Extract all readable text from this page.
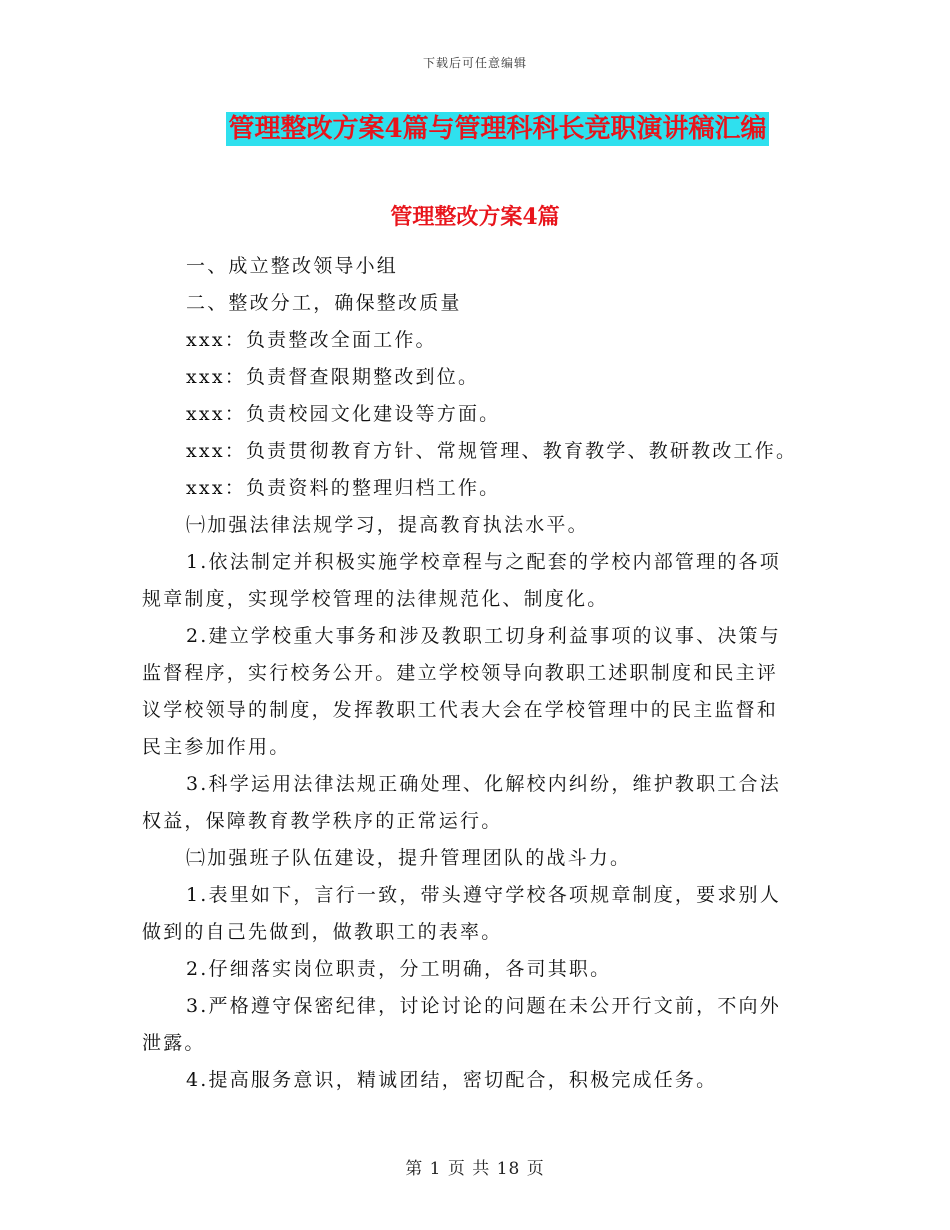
下载后可任意编辑
管理整改方案4篇与管理科科长竞职演讲稿汇编
管理整改方案4篇
一、成立整改领导小组
二、整改分工，确保整改质量
xxx：负责整改全面工作。
xxx：负责督查限期整改到位。
xxx：负责校园文化建设等方面。
xxx：负责贯彻教育方针、常规管理、教育教学、教研教改工作。
xxx：负责资料的整理归档工作。
㈠加强法律法规学习，提高教育执法水平。
1.依法制定并积极实施学校章程与之配套的学校内部管理的各项
规章制度，实现学校管理的法律规范化、制度化。
2.建立学校重大事务和涉及教职工切身利益事项的议事、决策与
监督程序，实行校务公开。建立学校领导向教职工述职制度和民主评
议学校领导的制度，发挥教职工代表大会在学校管理中的民主监督和
民主参加作用。
3.科学运用法律法规正确处理、化解校内纠纷，维护教职工合法
权益，保障教育教学秩序的正常运行。
㈡加强班子队伍建设，提升管理团队的战斗力。
1.表里如下，言行一致，带头遵守学校各项规章制度，要求别人
做到的自己先做到，做教职工的表率。
2.仔细落实岗位职责，分工明确，各司其职。
3.严格遵守保密纪律，讨论讨论的问题在未公开行文前，不向外
泄露。
4.提高服务意识，精诚团结，密切配合，积极完成任务。
第 1 页 共 18 页
